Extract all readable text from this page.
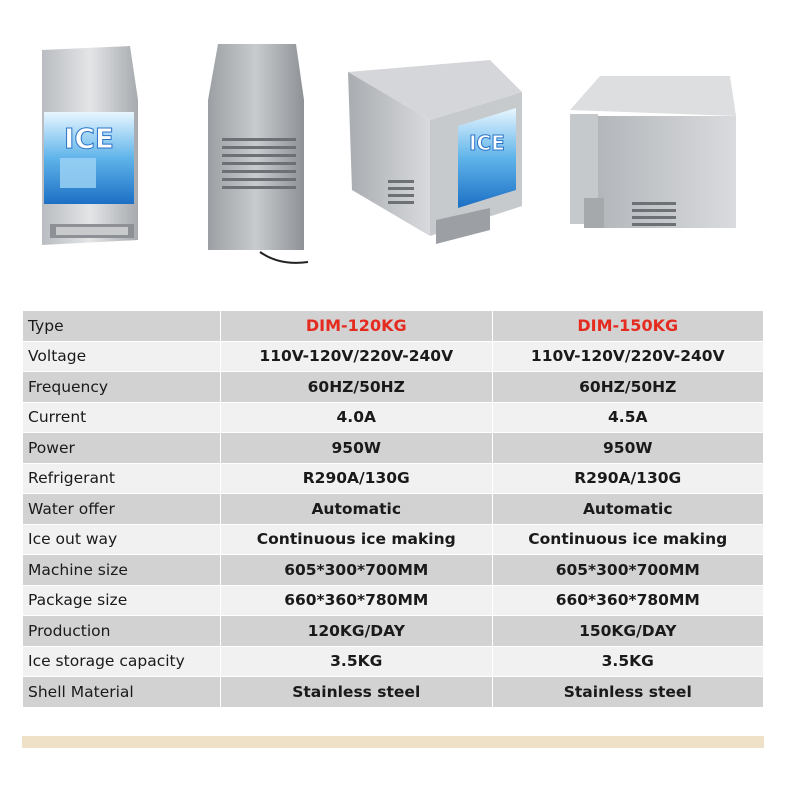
ICE	ICE
Type	DIM-120KG	DIM-150KG
Voltage	110V-120V/220V-240V	110V-120V/220V-240V
Frequency	60HZ/50HZ	60HZ/50HZ
Current	4.0A	4.5A
Power	950W	950W
Refrigerant	R290A/130G	R290A/130G
Water offer	Automatic	Automatic
Ice out way	Continuous ice making	Continuous ice making
Machine size	605*300*700MM	605*300*700MM
Package size	660*360*780MM	660*360*780MM
Production	120KG/DAY	150KG/DAY
Ice storage capacity	3.5KG	3.5KG
Shell Material	Stainless steel	Stainless steel
